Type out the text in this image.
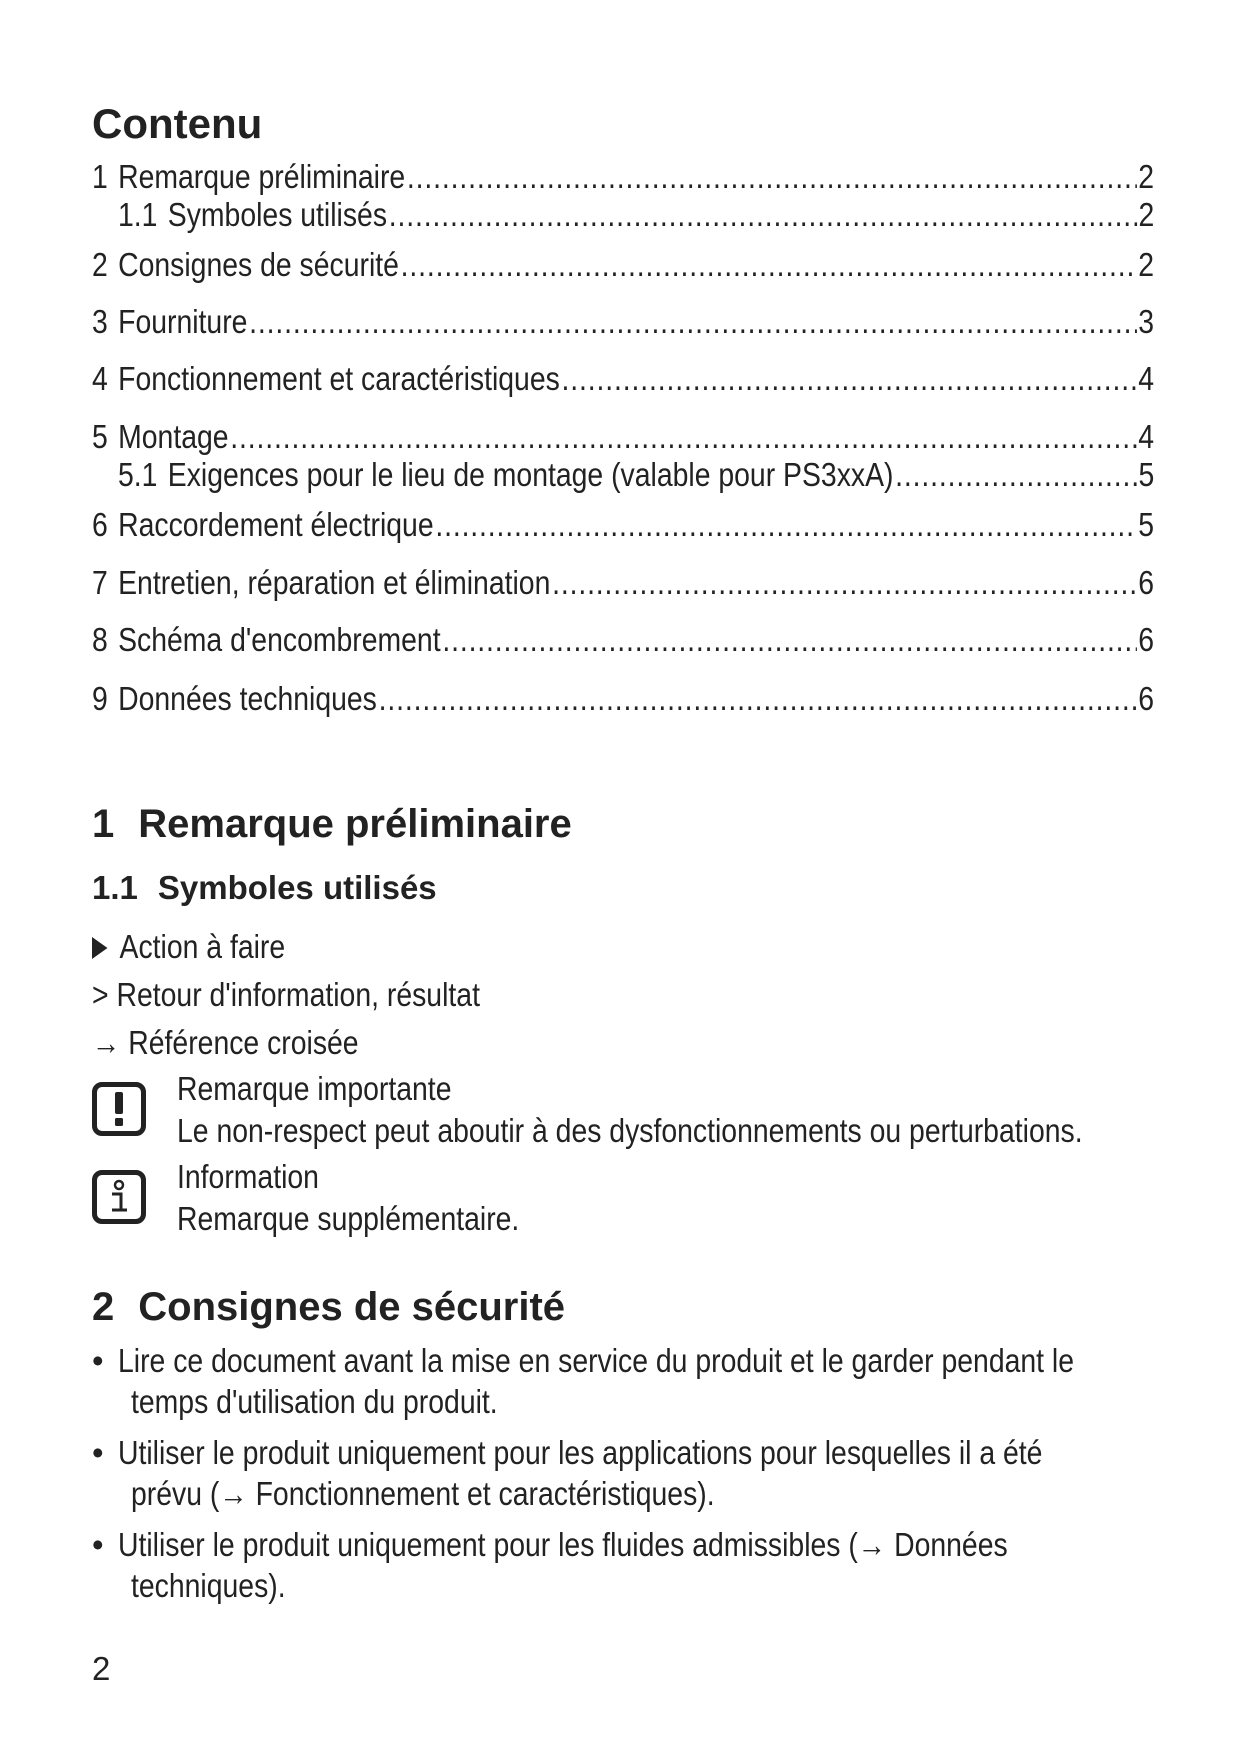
Contenu
1 Remarque préliminaire .....	2
1.1 Symboles utilisés .....	2
2 Consignes de sécurité .....	2
3 Fourniture .....	3
4 Fonctionnement et caractéristiques .....	4
5 Montage .....	4
5.1 Exigences pour le lieu de montage (valable pour PS3xxA) .....	5
6 Raccordement électrique .....	5
7 Entretien, réparation et élimination .....	6
8 Schéma d'encombrement .....	6
9 Données techniques .....	6
1 Remarque préliminaire
1.1 Symboles utilisés
Action à faire
> Retour d'information, résultat
→ Référence croisée
Remarque importante
Le non-respect peut aboutir à des dysfonctionnements ou perturbations.
Information
Remarque supplémentaire.
2 Consignes de sécurité
• Lire ce document avant la mise en service du produit et le garder pendant le
temps d'utilisation du produit.
• Utiliser le produit uniquement pour les applications pour lesquelles il a été
prévu (→ Fonctionnement et caractéristiques).
• Utiliser le produit uniquement pour les fluides admissibles (→ Données
techniques).
2
